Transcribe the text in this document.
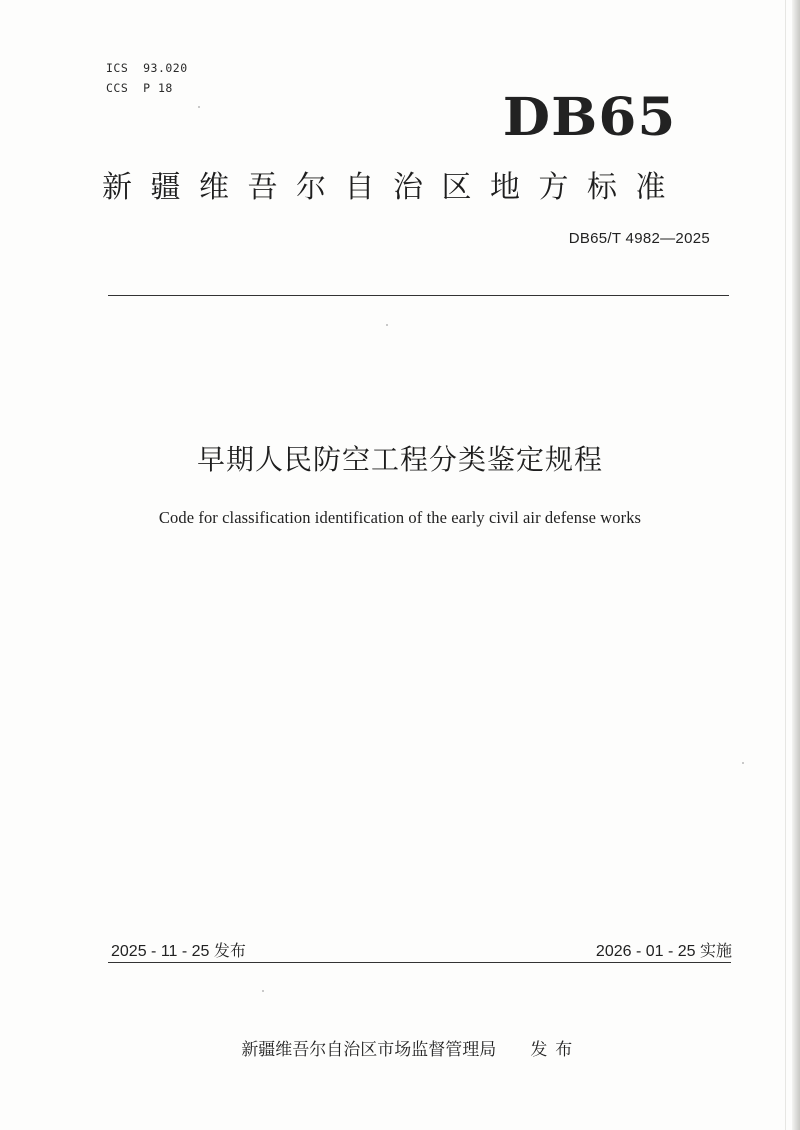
ICS  93.020
CCS  P 18	DB65
新疆维吾尔自治区地方标准
DB65/T 4982—2025
早期人民防空工程分类鉴定规程
Code for classification identification of the early civil air defense works
2025 - 11 - 25 发布	2026 - 01 - 25 实施

新疆维吾尔自治区市场监督管理局 发布
